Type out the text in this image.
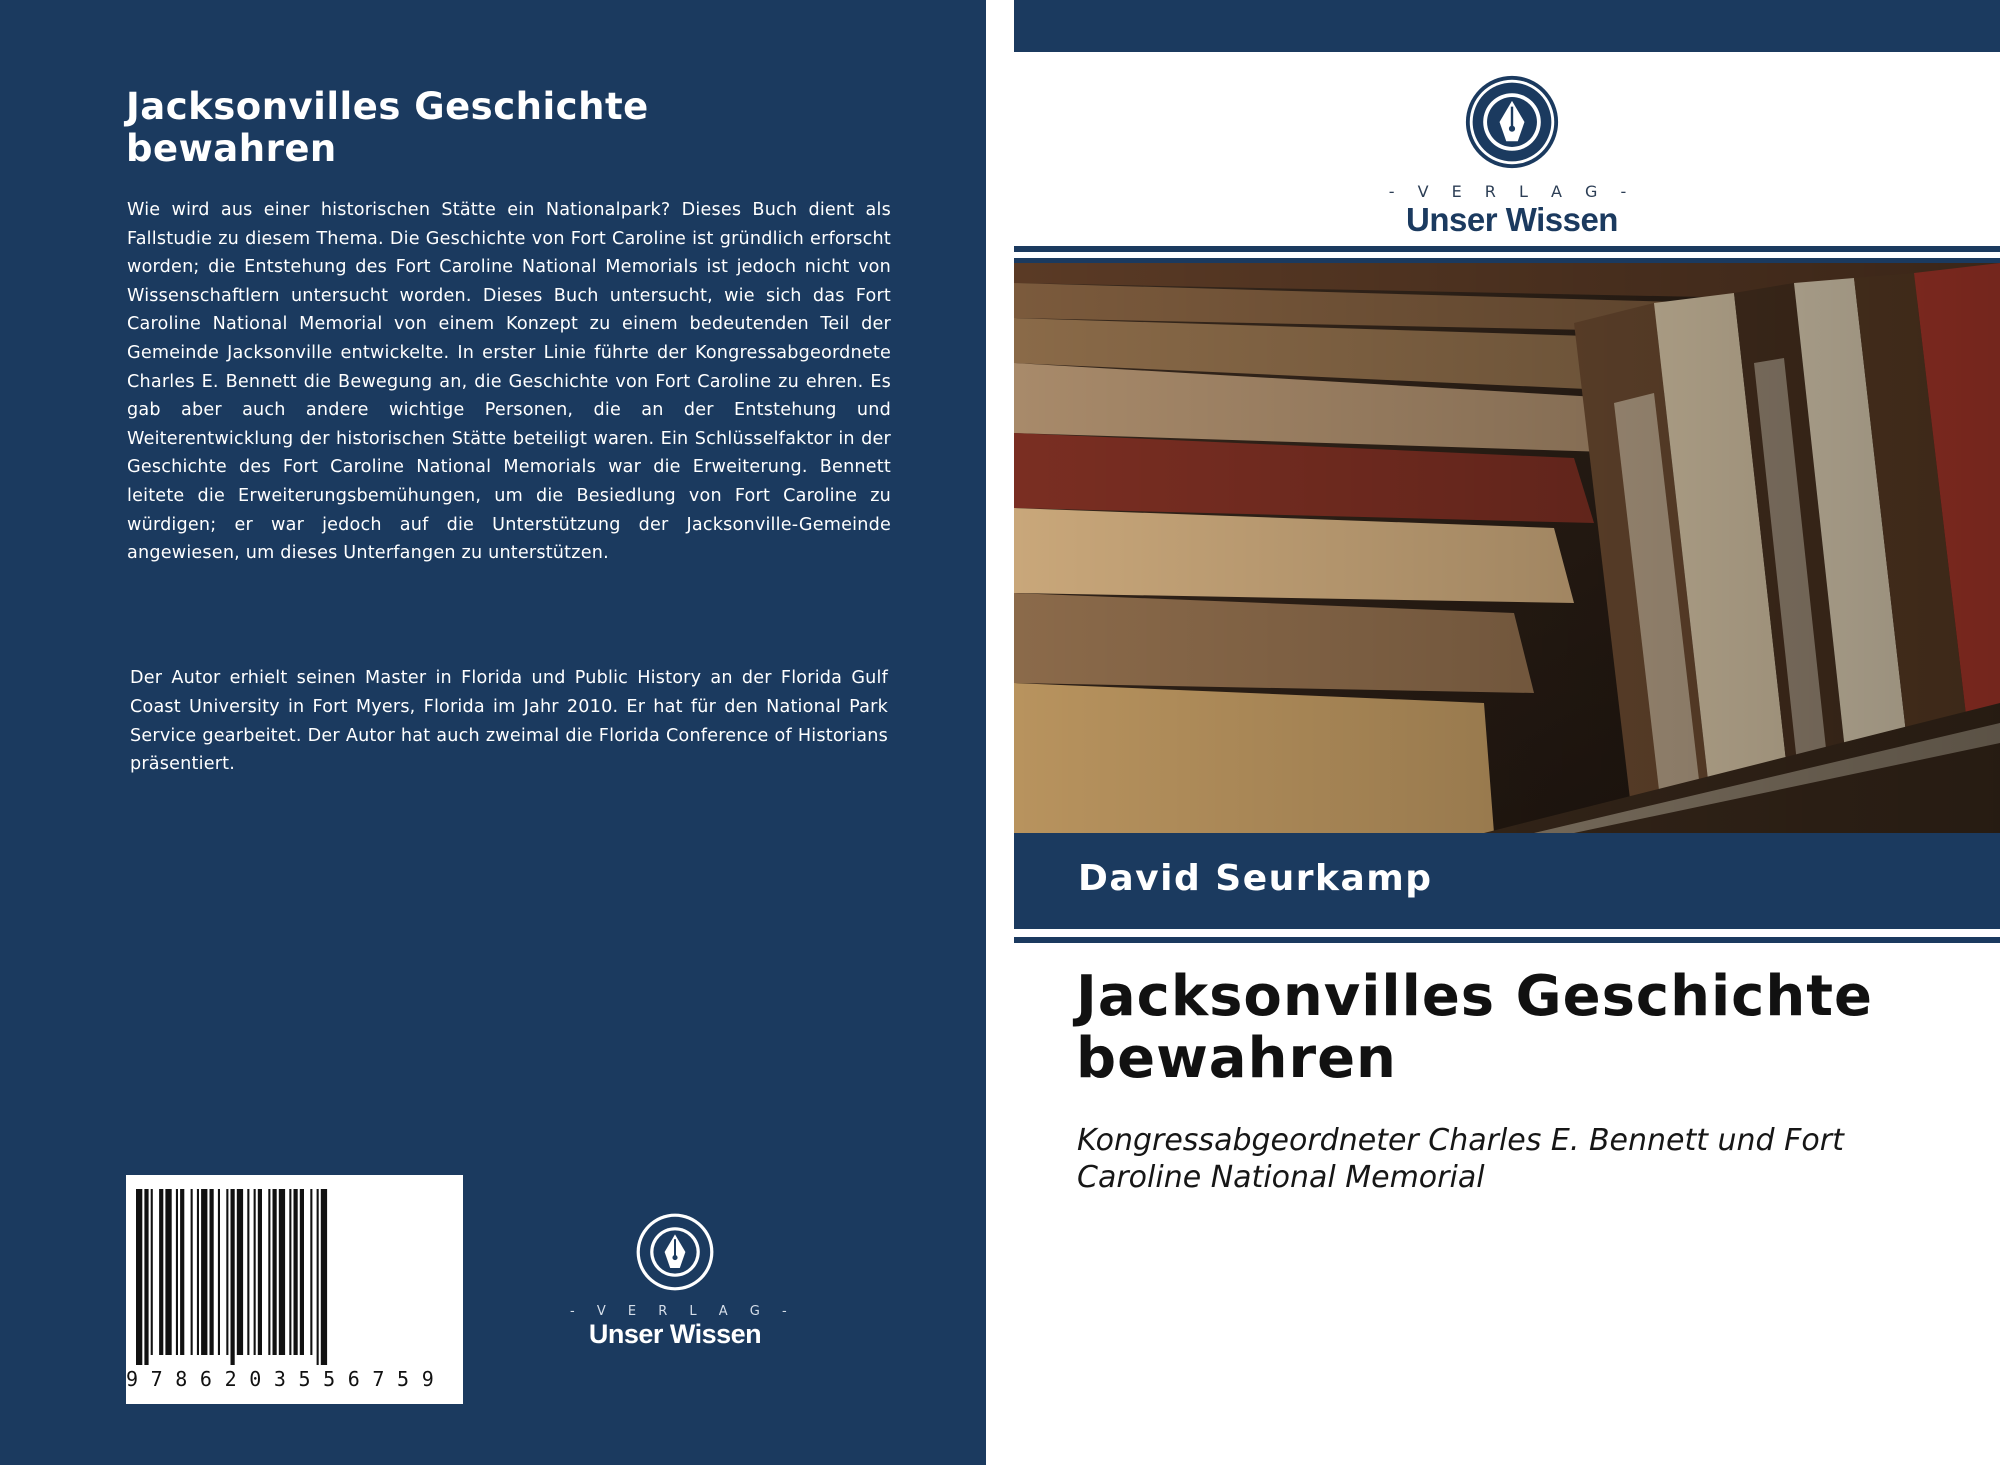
Jacksonvilles Geschichte bewahren

Wie wird aus einer historischen Stätte ein Nationalpark? Dieses Buch dient als Fallstudie zu diesem Thema. Die Geschichte von Fort Caroline ist gründlich erforscht worden; die Entstehung des Fort Caroline National Memorials ist jedoch nicht von Wissenschaftlern untersucht worden. Dieses Buch untersucht, wie sich das Fort Caroline National Memorial von einem Konzept zu einem bedeutenden Teil der Gemeinde Jacksonville entwickelte. In erster Linie führte der Kongressabgeordnete Charles E. Bennett die Bewegung an, die Geschichte von Fort Caroline zu ehren. Es gab aber auch andere wichtige Personen, die an der Entstehung und Weiterentwicklung der historischen Stätte beteiligt waren. Ein Schlüsselfaktor in der Geschichte des Fort Caroline National Memorials war die Erweiterung. Bennett leitete die Erweiterungsbemühungen, um die Besiedlung von Fort Caroline zu würdigen; er war jedoch auf die Unterstützung der Jacksonville-Gemeinde angewiesen, um dieses Unterfangen zu unterstützen.

Der Autor erhielt seinen Master in Florida und Public History an der Florida Gulf Coast University in Fort Myers, Florida im Jahr 2010. Er hat für den National Park Service gearbeitet. Der Autor hat auch zweimal die Florida Conference of Historians präsentiert.

9786203556759
- V E R L A G -
Unser Wissen
- V E R L A G -
Unser Wissen
David Seurkamp
Jacksonvilles Geschichte bewahren

Kongressabgeordneter Charles E. Bennett und Fort Caroline National Memorial
